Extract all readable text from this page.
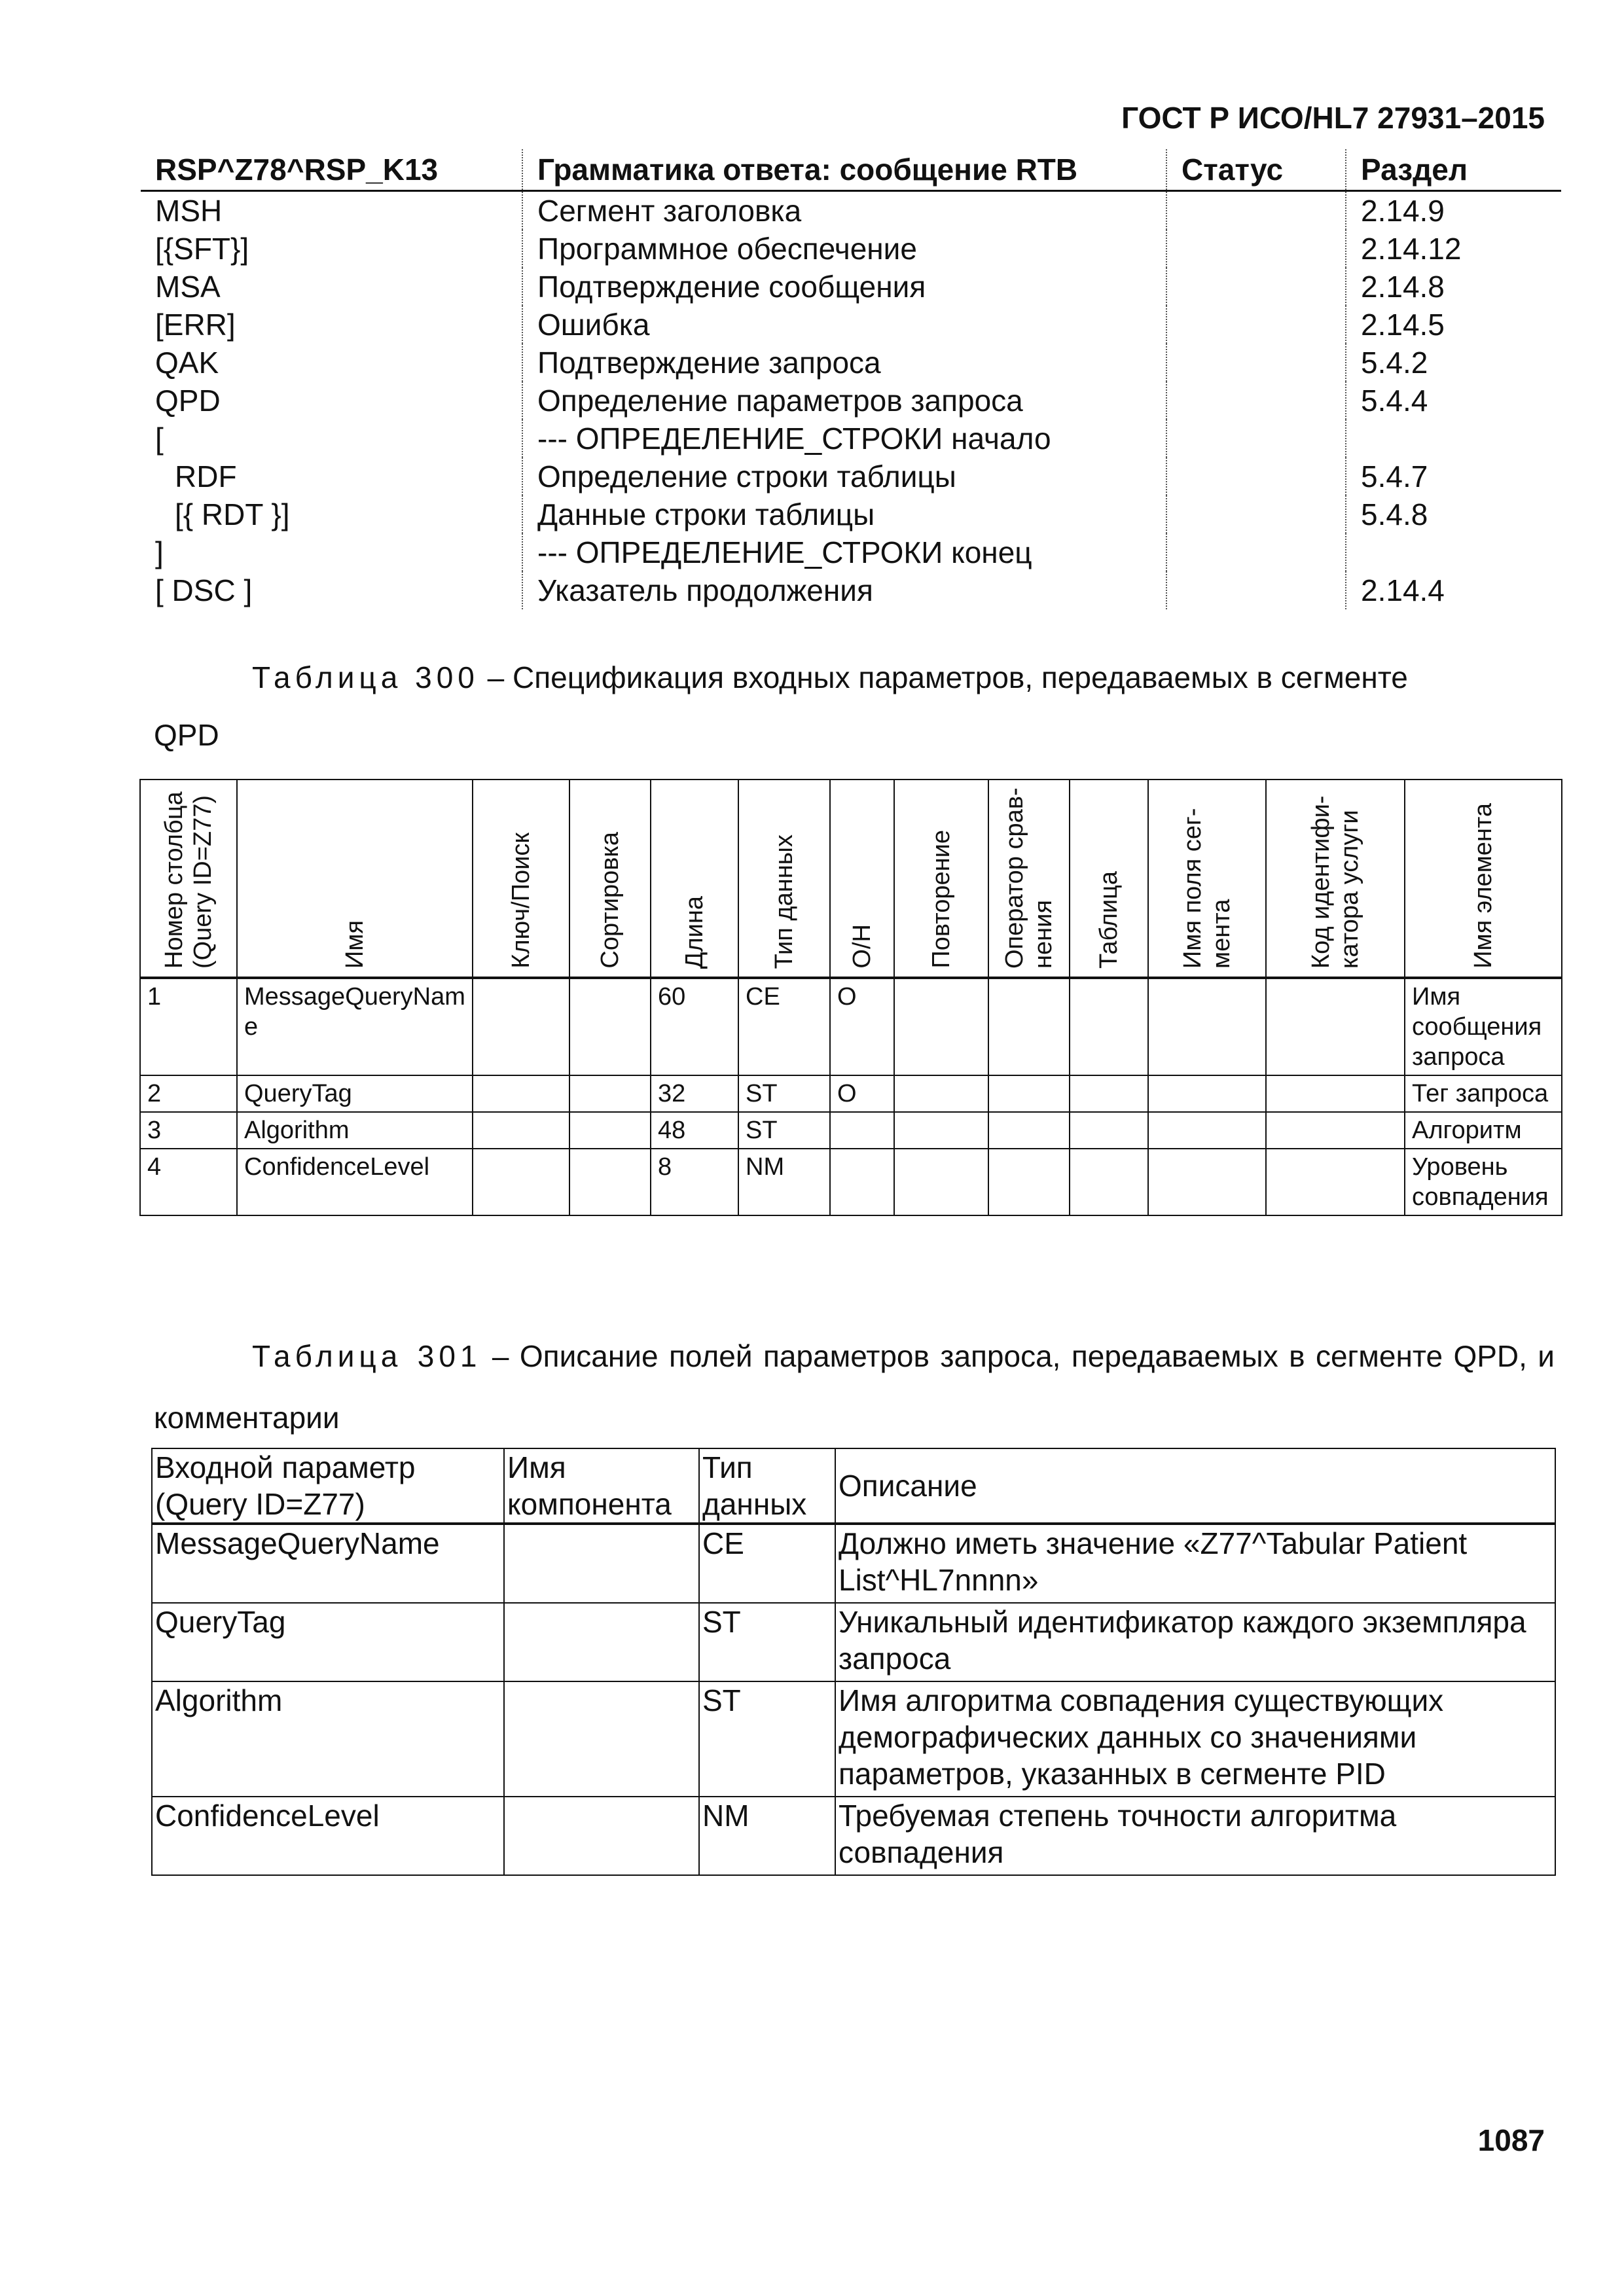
ГОСТ Р ИСО/HL7 27931–2015
RSP^Z78^RSP_K13	Грамматика ответа: сообщение RTB	Статус	Раздел
MSH	Сегмент заголовка		2.14.9
[{SFT}]	Программное обеспечение		2.14.12
MSA	Подтверждение сообщения		2.14.8
[ERR]	Ошибка		2.14.5
QAK	Подтверждение запроса		5.4.2
QPD	Определение параметров запроса		5.4.4
[	--- ОПРЕДЕЛЕНИЕ_СТРОКИ начало		
RDF	Определение строки таблицы		5.4.7
[{ RDT }]	Данные строки таблицы		5.4.8
]	--- ОПРЕДЕЛЕНИЕ_СТРОКИ конец		
[ DSC ]	Указатель продолжения		2.14.4
Таблица 300 – Спецификация входных параметров, передаваемых в сегменте
QPD
Номер столбца (Query ID=Z77)	Имя	Ключ/Поиск	Сортировка	Длина	Тип данных	О/Н	Повторение	Оператор срав-нения	Таблица	Имя поля сег-мента	Код идентифи-катора услуги	Имя элемента

1	MessageQueryName			60	CE	O						Имя сообщения запроса
2	QueryTag			32	ST	O						Тег запроса
3	Algorithm			48	ST							Алгоритм
4	ConfidenceLevel			8	NM							Уровень совпадения
Таблица 301 – Описание полей параметров запроса, передаваемых в сегменте QPD, и комментарии
Входной параметр (Query ID=Z77)	Имя компонента	Тип данных	Описание
MessageQueryName		CE	Должно иметь значение «Z77^Tabular Patient List^HL7nnnn»
QueryTag		ST	Уникальный идентификатор каждого экземпляра запроса
Algorithm		ST	Имя алгоритма совпадения существующих демографических данных со значениями параметров, указанных в сегменте PID
ConfidenceLevel		NM	Требуемая степень точности алгоритма совпадения
1087
